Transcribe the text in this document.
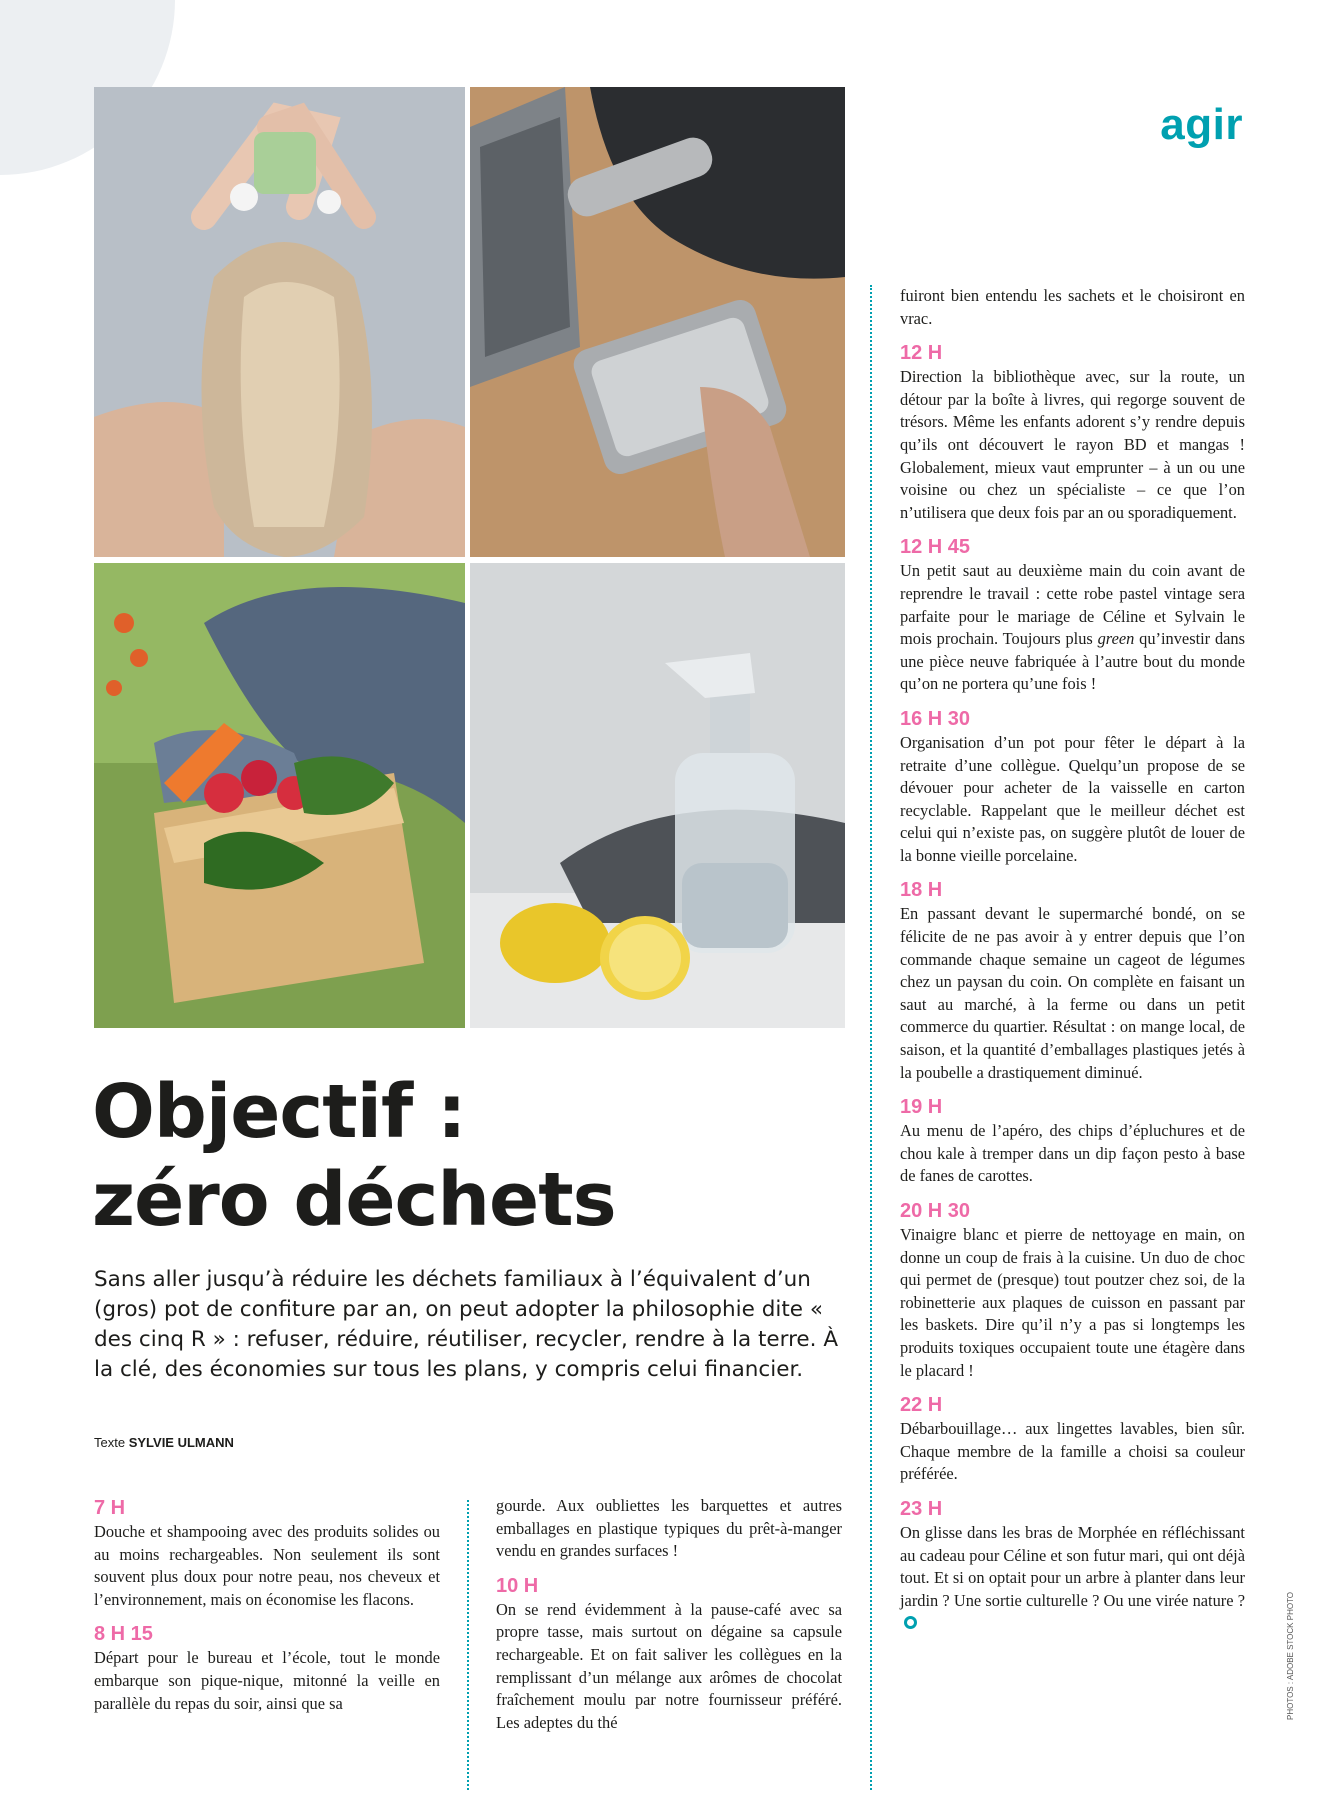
agir
Objectif :
zéro déchets
Sans aller jusqu’à réduire les déchets familiaux à l’équivalent d’un (gros) pot de confiture par an, on peut adopter la philosophie dite « des cinq R » : refuser, réduire, réutiliser, recycler, rendre à la terre. À la clé, des économies sur tous les plans, y compris celui financier.
Texte SYLVIE ULMANN
7 H

Douche et shampooing avec des produits solides ou au moins rechargeables. Non seulement ils sont souvent plus doux pour notre peau, nos cheveux et l’environnement, mais on économise les flacons.

8 H 15

Départ pour le bureau et l’école, tout le monde embarque son pique-nique, mitonné la veille en parallèle du repas du soir, ainsi que sa

gourde. Aux oubliettes les barquettes et autres emballages en plastique typiques du prêt-à-manger vendu en grandes surfaces !

10 H

On se rend évidemment à la pause-café avec sa propre tasse, mais surtout on dégaine sa capsule rechargeable. Et on fait saliver les collègues en la remplissant d’un mélange aux arômes de chocolat fraîchement moulu par notre fournisseur préféré. Les adeptes du thé

fuiront bien entendu les sachets et le choisiront en vrac.

12 H

Direction la bibliothèque avec, sur la route, un détour par la boîte à livres, qui regorge souvent de trésors. Même les enfants adorent s’y rendre depuis qu’ils ont découvert le rayon BD et mangas ! Globalement, mieux vaut emprunter – à un ou une voisine ou chez un spécialiste – ce que l’on n’utilisera que deux fois par an ou sporadiquement.

12 H 45

Un petit saut au deuxième main du coin avant de reprendre le travail : cette robe pastel vintage sera parfaite pour le mariage de Céline et Sylvain le mois prochain. Toujours plus green qu’investir dans une pièce neuve fabriquée à l’autre bout du monde qu’on ne portera qu’une fois !

16 H 30

Organisation d’un pot pour fêter le départ à la retraite d’une collègue. Quelqu’un propose de se dévouer pour acheter de la vaisselle en carton recyclable. Rappelant que le meilleur déchet est celui qui n’existe pas, on suggère plutôt de louer de la bonne vieille porcelaine.

18 H

En passant devant le supermarché bondé, on se félicite de ne pas avoir à y entrer depuis que l’on commande chaque semaine un cageot de légumes chez un paysan du coin. On complète en faisant un saut au marché, à la ferme ou dans un petit commerce du quartier. Résultat : on mange local, de saison, et la quantité d’emballages plastiques jetés à la poubelle a drastiquement diminué.

19 H

Au menu de l’apéro, des chips d’épluchures et de chou kale à tremper dans un dip façon pesto à base de fanes de carottes.

20 H 30

Vinaigre blanc et pierre de nettoyage en main, on donne un coup de frais à la cuisine. Un duo de choc qui permet de (presque) tout poutzer chez soi, de la robinetterie aux plaques de cuisson en passant par les baskets. Dire qu’il n’y a pas si longtemps les produits toxiques occupaient toute une étagère dans le placard !

22 H

Débarbouillage… aux lingettes lavables, bien sûr. Chaque membre de la famille a choisi sa couleur préférée.

23 H

On glisse dans les bras de Morphée en réfléchissant au cadeau pour Céline et son futur mari, qui ont déjà tout. Et si on optait pour un arbre à planter dans leur jardin ? Une sortie culturelle ? Ou une virée nature ?	PHOTOS : ADOBE STOCK PHOTO
